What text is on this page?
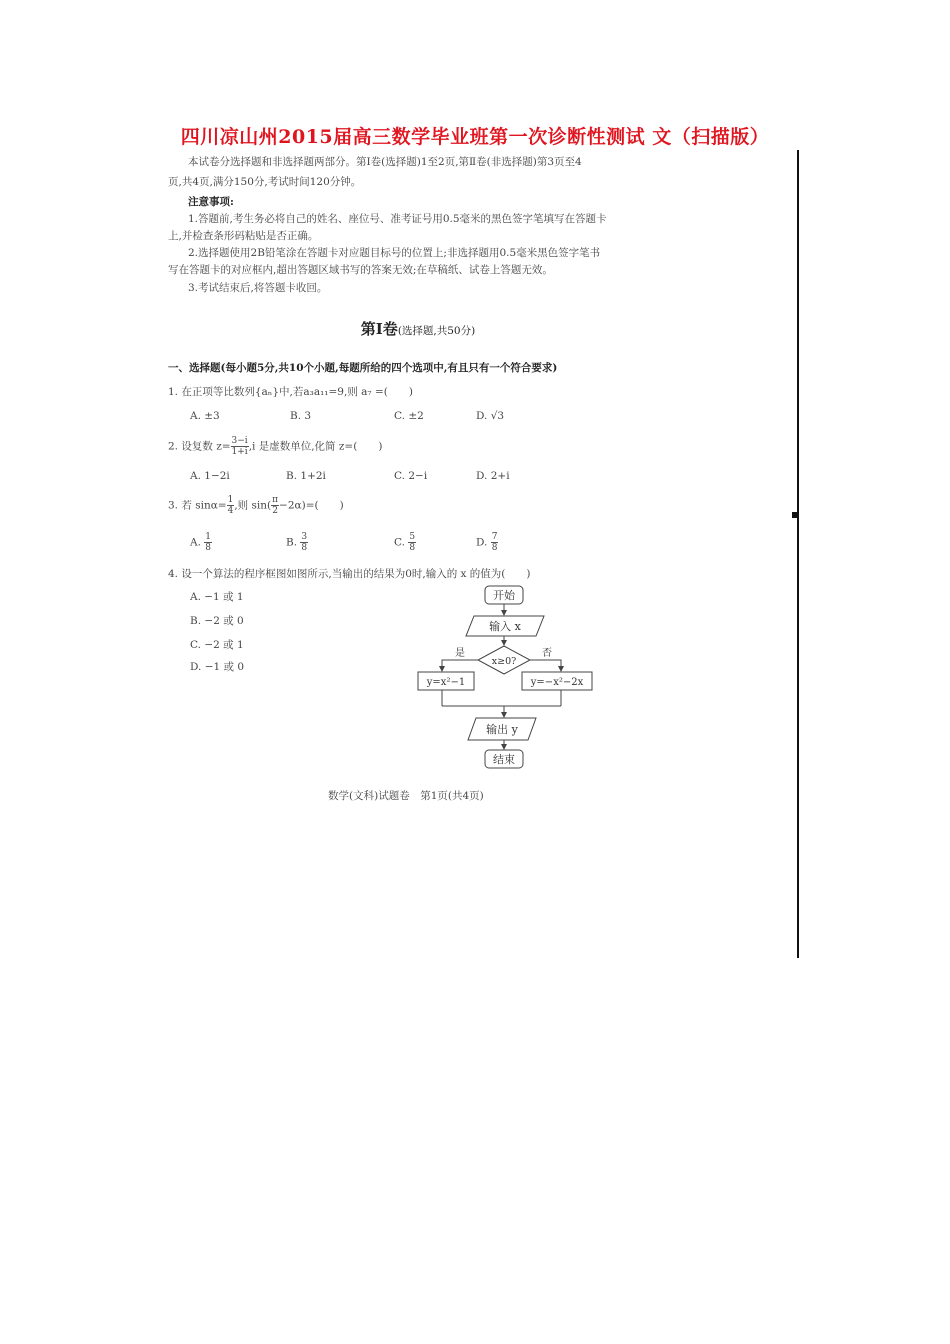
四川凉山州2015届高三数学毕业班第一次诊断性测试 文（扫描版）
本试卷分选择题和非选择题两部分。第Ⅰ卷(选择题)1至2页,第Ⅱ卷(非选择题)第3页至4
页,共4页,满分150分,考试时间120分钟。
注意事项:
1.答题前,考生务必将自己的姓名、座位号、准考证号用0.5毫米的黑色签字笔填写在答题卡
上,并检查条形码粘贴是否正确。
2.选择题使用2B铅笔涂在答题卡对应题目标号的位置上;非选择题用0.5毫米黑色签字笔书
写在答题卡的对应框内,超出答题区域书写的答案无效;在草稿纸、试卷上答题无效。
3.考试结束后,将答题卡收回。
第Ⅰ卷(选择题,共50分)
一、选择题(每小题5分,共10个小题,每题所给的四个选项中,有且只有一个符合要求)
1. 在正项等比数列{aₙ}中,若a₃a₁₁=9,则 a₇ =(　　)
A. ±3	B. 3	C. ±2	D. √3
2. 设复数 $z= \frac{3-i}{1+i} ,i$ 是虚数单位,化简 z=(　　)
A. 1−2i	B. 1+2i	C. 2−i	D. 2+i
3. 若 $\sin\alpha= \frac{1}{4}$ ,则 $\sin( \frac{\pi}{2} -2\alpha)=$(　　)
A. $\frac{1}{8}$	B. $\frac{3}{8}$	C. $\frac{5}{8}$	D. $\frac{7}{8}$
4. 设一个算法的程序框图如图所示,当输出的结果为0时,输入的 x 的值为(　　)
A. −1 或 1
B. −2 或 0
C. −2 或 1
D. −1 或 0
开始
输入 x
是	否
x≥0?
y=x²−1	y=−x²−2x
输出 y
结束
数学(文科)试题卷　第1页(共4页)
